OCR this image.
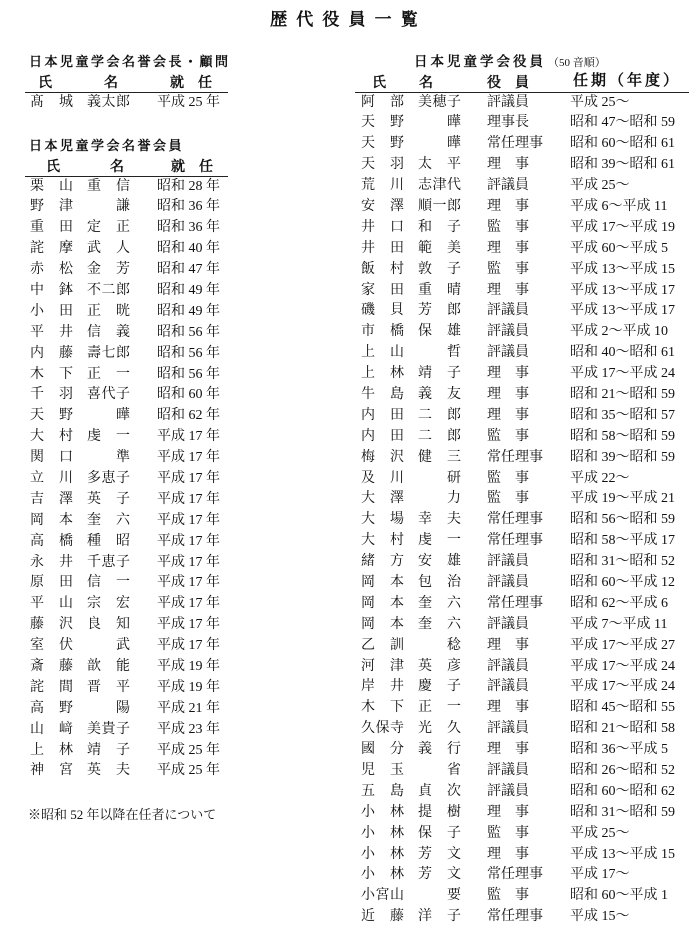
歴 代 役 員 一 覧
日本児童学会名誉会長・顧問
氏	名	就　任
髙城 義太郎 平成 25 年
日本児童学会名誉会員
氏	名	就　任
栗山 重信 昭和 28 年
野津	謙 昭和 36 年
重田 定正 昭和 36 年
詫摩 武人 昭和 40 年
赤松 金芳 昭和 47 年
中鉢 不二郎 昭和 49 年
小田 正晄 昭和 49 年
平井 信義 昭和 56 年
内藤 壽七郎 昭和 56 年
木下 正一 昭和 56 年
千羽 喜代子 昭和 60 年
天野	曄 昭和 62 年
大村 虔一 平成 17 年
関口	準 平成 17 年
立川 多恵子 平成 17 年
吉澤 英子 平成 17 年
岡本 奎六 平成 17 年
高橋 種昭 平成 17 年
永井 千恵子 平成 17 年
原田 信一 平成 17 年
平山 宗宏 平成 17 年
藤沢 良知 平成 17 年
室伏	武 平成 17 年
斎藤 歆能 平成 19 年
詫間 晋平 平成 19 年
高野	陽 平成 21 年
山﨑 美貴子 平成 23 年
上林 靖子 平成 25 年
神宮 英夫 平成 25 年
※昭和 52 年以降在任者について
日本児童学会役員 （50 音順）
氏 名	役　員	任期（年度）
阿部 美穂子 評議員	平成 25～
天野	曄 理事長	昭和 47～昭和 59
天野	曄 常任理事 昭和 60～昭和 61
天羽 太平 理　事	昭和 39～昭和 61
荒川 志津代 評議員	平成 25～
安澤 順一郎 理　事	平成 6～平成 11
井口 和子 監　事	平成 17～平成 19
井田 範美 理　事	平成 60～平成 5
飯村 敦子 監　事	平成 13～平成 15
家田 重晴 理　事	平成 13～平成 17
磯貝 芳郎 評議員	平成 13～平成 17
市橋 保雄 評議員	平成 2～平成 10
上山	哲 評議員	昭和 40～昭和 61
上林 靖子 理　事	平成 17～平成 24
牛島 義友 理　事	昭和 21～昭和 59
内田 二郎 理　事	昭和 35～昭和 57
内田 二郎 監　事	昭和 58～昭和 59
梅沢 健三 常任理事 昭和 39～昭和 59
及川	研 監　事	平成 22～
大澤	力 監　事	平成 19～平成 21
大場 幸夫 常任理事 昭和 56～昭和 59
大村 虔一 常任理事 昭和 58～平成 17
緒方 安雄 評議員	昭和 31～昭和 52
岡本 包治 評議員	昭和 60～平成 12
岡本 奎六 常任理事 昭和 62～平成 6
岡本 奎六 評議員	平成 7～平成 11
乙訓	稔 理　事	平成 17～平成 27
河津 英彦 評議員	平成 17～平成 24
岸井 慶子 評議員	平成 17～平成 24
木下 正一 理　事	昭和 45～昭和 55
久保寺 光久 評議員	昭和 21～昭和 58
國分 義行 理　事	昭和 36～平成 5
児玉	省 評議員	昭和 26～昭和 52
五島 貞次 評議員	昭和 60～昭和 62
小林 提樹 理　事	昭和 31～昭和 59
小林 保子 監　事	平成 25～
小林 芳文 理　事	平成 13～平成 15
小林 芳文 常任理事 平成 17～
小宮山	要 監　事	昭和 60～平成 1
近藤 洋子 常任理事 平成 15～
